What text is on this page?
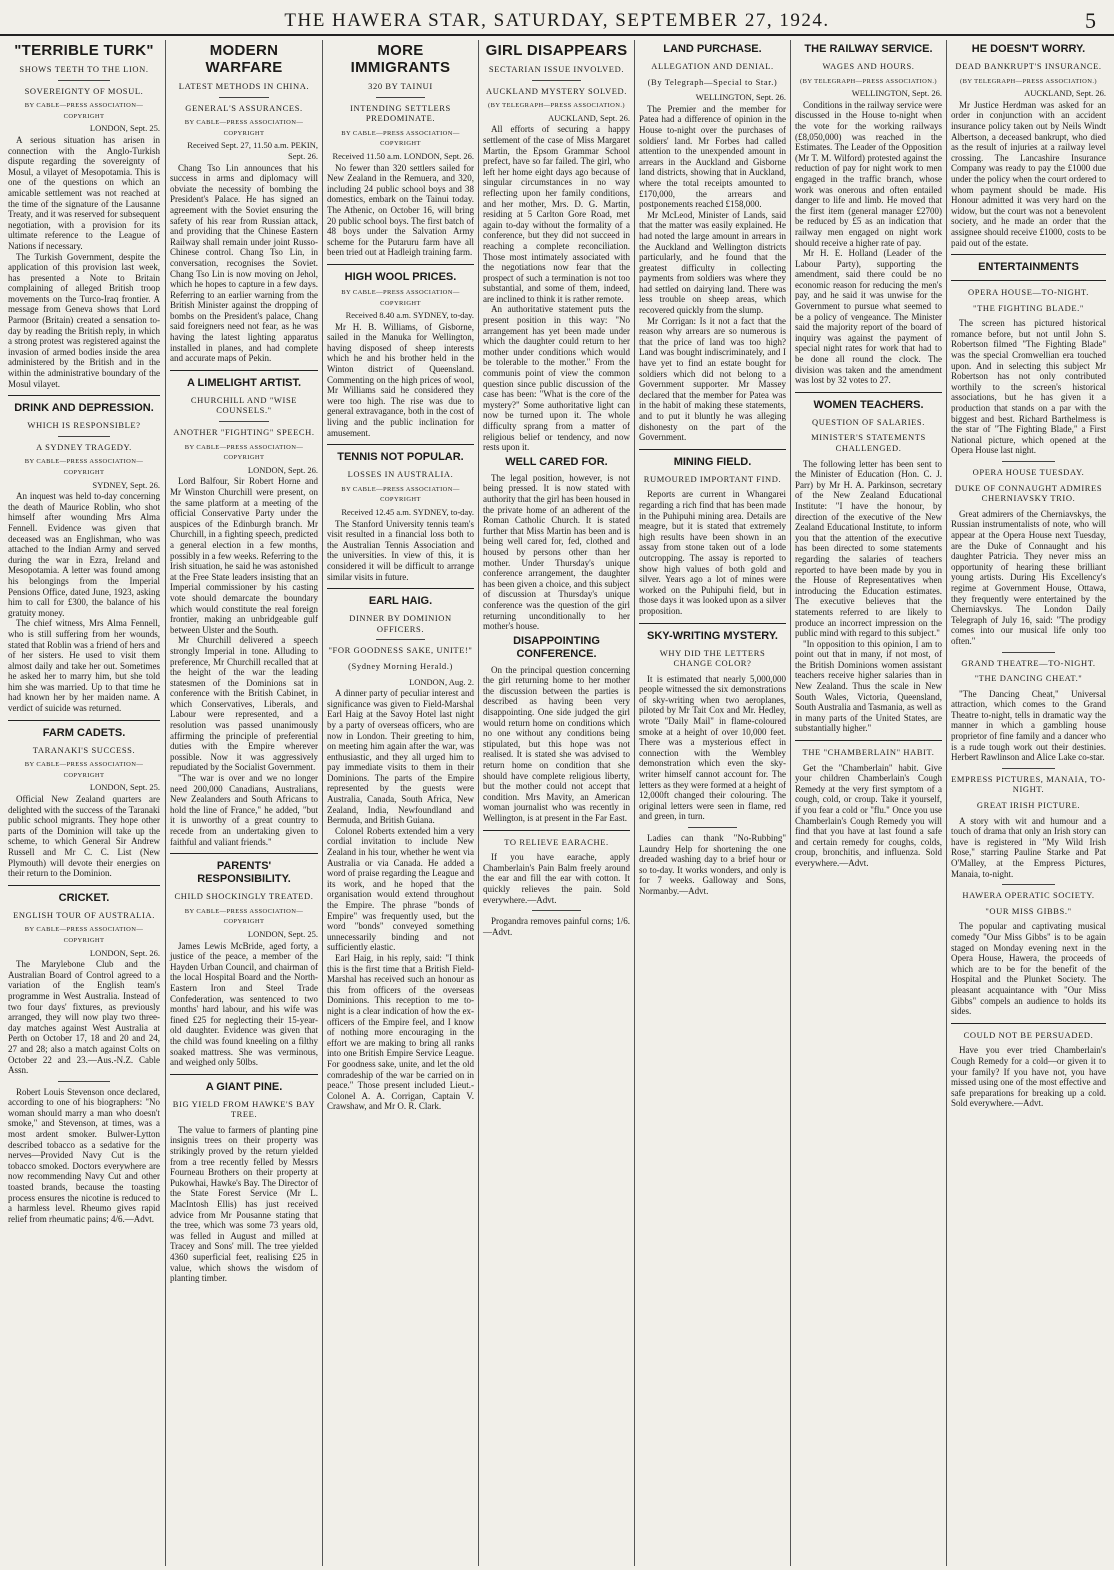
THE HAWERA STAR, SATURDAY, SEPTEMBER 27, 1924.	5
"TERRIBLE TURK"
SHOWS TEETH TO THE LION.
SOVEREIGNTY OF MOSUL.
BY CABLE—PRESS ASSOCIATION—COPYRIGHT
LONDON, Sept. 25.

A serious situation has arisen in connection with the Anglo-Turkish dispute regarding the sovereignty of Mosul, a vilayet of Mesopotamia. This is one of the questions on which an amicable settlement was not reached at the time of the signature of the Lausanne Treaty, and it was reserved for subsequent negotiation, with a provision for its ultimate reference to the League of Nations if necessary.

The Turkish Government, despite the application of this provision last week, has presented a Note to Britain complaining of alleged British troop movements on the Turco-Iraq frontier. A message from Geneva shows that Lord Parmoor (Britain) created a sensation to-day by reading the British reply, in which a strong protest was registered against the invasion of armed bodies inside the area administered by the British and in the within the administrative boundary of the Mosul vilayet.

DRINK AND DEPRESSION.
WHICH IS RESPONSIBLE?
A SYDNEY TRAGEDY.
BY CABLE—PRESS ASSOCIATION—COPYRIGHT
SYDNEY, Sept. 26.

An inquest was held to-day concerning the death of Maurice Roblin, who shot himself after wounding Mrs Alma Fennell. Evidence was given that deceased was an Englishman, who was attached to the Indian Army and served during the war in Ezra, Ireland and Mesopotamia. A letter was found among his belongings from the Imperial Pensions Office, dated June, 1923, asking him to call for £300, the balance of his gratuity money.

The chief witness, Mrs Alma Fennell, who is still suffering from her wounds, stated that Roblin was a friend of hers and of her sisters. He used to visit them almost daily and take her out. Sometimes he asked her to marry him, but she told him she was married. Up to that time he had known her by her maiden name. A verdict of suicide was returned.

FARM CADETS.
TARANAKI'S SUCCESS.
BY CABLE—PRESS ASSOCIATION—COPYRIGHT
LONDON, Sept. 25.

Official New Zealand quarters are delighted with the success of the Taranaki public school migrants. They hope other parts of the Dominion will take up the scheme, to which General Sir Andrew Russell and Mr C. C. List (New Plymouth) will devote their energies on their return to the Dominion.

CRICKET.
ENGLISH TOUR OF AUSTRALIA.
BY CABLE—PRESS ASSOCIATION—COPYRIGHT
LONDON, Sept. 26.

The Marylebone Club and the Australian Board of Control agreed to a variation of the English team's programme in West Australia. Instead of two four days' fixtures, as previously arranged, they will now play two three-day matches against West Australia at Perth on October 17, 18 and 20 and 24, 27 and 28; also a match against Colts on October 22 and 23.—Aus.-N.Z. Cable Assn.

Robert Louis Stevenson once declared, according to one of his biographers: "No woman should marry a man who doesn't smoke," and Stevenson, at times, was a most ardent smoker. Bulwer-Lytton described tobacco as a sedative for the nerves—Provided Navy Cut is the tobacco smoked. Doctors everywhere are now recommending Navy Cut and other toasted brands, because the toasting process ensures the nicotine is reduced to a harmless level. Rheumo gives rapid relief from rheumatic pains; 4/6.—Advt.

MODERN WARFARE
LATEST METHODS IN CHINA.
GENERAL'S ASSURANCES.
BY CABLE—PRESS ASSOCIATION—COPYRIGHT
Received Sept. 27, 11.50 a.m. PEKIN, Sept. 26.

Chang Tso Lin announces that his success in arms and diplomacy will obviate the necessity of bombing the President's Palace. He has signed an agreement with the Soviet ensuring the safety of his rear from Russian attack, and providing that the Chinese Eastern Railway shall remain under joint Russo-Chinese control. Chang Tso Lin, in conversation, recognises the Soviet. Chang Tso Lin is now moving on Jehol, which he hopes to capture in a few days. Referring to an earlier warning from the British Minister against the dropping of bombs on the President's palace, Chang said foreigners need not fear, as he was having the latest lighting apparatus installed in planes, and had complete and accurate maps of Pekin.

A LIMELIGHT ARTIST.
CHURCHILL AND "WISE COUNSELS."
ANOTHER "FIGHTING" SPEECH.
BY CABLE—PRESS ASSOCIATION—COPYRIGHT
LONDON, Sept. 26.

Lord Balfour, Sir Robert Horne and Mr Winston Churchill were present, on the same platform at a meeting of the official Conservative Party under the auspices of the Edinburgh branch. Mr Churchill, in a fighting speech, predicted a general election in a few months, possibly in a few weeks. Referring to the Irish situation, he said he was astonished at the Free State leaders insisting that an Imperial commissioner by his casting vote should demarcate the boundary which would constitute the real foreign frontier, making an unbridgeable gulf between Ulster and the South.

Mr Churchill delivered a speech strongly Imperial in tone. Alluding to preference, Mr Churchill recalled that at the height of the war the leading statesmen of the Dominions sat in conference with the British Cabinet, in which Conservatives, Liberals, and Labour were represented, and a resolution was passed unanimously affirming the principle of preferential duties with the Empire wherever possible. Now it was aggressively repudiated by the Socialist Government.

"The war is over and we no longer need 200,000 Canadians, Australians, New Zealanders and South Africans to hold the line of France," he added, "but it is unworthy of a great country to recede from an undertaking given to faithful and valiant friends."

PARENTS' RESPONSIBILITY.
CHILD SHOCKINGLY TREATED.
BY CABLE—PRESS ASSOCIATION—COPYRIGHT
LONDON, Sept. 25.

James Lewis McBride, aged forty, a justice of the peace, a member of the Hayden Urban Council, and chairman of the local Hospital Board and the North-Eastern Iron and Steel Trade Confederation, was sentenced to two months' hard labour, and his wife was fined £25 for neglecting their 15-year-old daughter. Evidence was given that the child was found kneeling on a filthy soaked mattress. She was verminous, and weighed only 50lbs.

A GIANT PINE.
BIG YIELD FROM HAWKE'S BAY TREE.

The value to farmers of planting pine insignis trees on their property was strikingly proved by the return yielded from a tree recently felled by Messrs Fourneau Brothers on their property at Pukowhai, Hawke's Bay. The Director of the State Forest Service (Mr L. MacIntosh Ellis) has just received advice from Mr Pousanne stating that the tree, which was some 73 years old, was felled in August and milled at Tracey and Sons' mill. The tree yielded 4360 superficial feet, realising £25 in value, which shows the wisdom of planting timber.

MORE IMMIGRANTS
320 BY TAINUI
INTENDING SETTLERS PREDOMINATE.
BY CABLE—PRESS ASSOCIATION—COPYRIGHT
Received 11.50 a.m. LONDON, Sept. 26.

No fewer than 320 settlers sailed for New Zealand in the Remuera, and 320, including 24 public school boys and 38 domestics, embark on the Tainui today. The Athenic, on October 16, will bring 20 public school boys. The first batch of 48 boys under the Salvation Army scheme for the Putaruru farm have all been tried out at Hadleigh training farm.

HIGH WOOL PRICES.
BY CABLE—PRESS ASSOCIATION—COPYRIGHT
Received 8.40 a.m. SYDNEY, to-day.

Mr H. B. Williams, of Gisborne, sailed in the Manuka for Wellington, having disposed of sheep interests which he and his brother held in the Winton district of Queensland. Commenting on the high prices of wool, Mr Williams said he considered they were too high. The rise was due to general extravagance, both in the cost of living and the public inclination for amusement.

TENNIS NOT POPULAR.
LOSSES IN AUSTRALIA.
BY CABLE—PRESS ASSOCIATION—COPYRIGHT
Received 12.45 a.m. SYDNEY, to-day.

The Stanford University tennis team's visit resulted in a financial loss both to the Australian Tennis Association and the universities. In view of this, it is considered it will be difficult to arrange similar visits in future.

EARL HAIG.
DINNER BY DOMINION OFFICERS.
"FOR GOODNESS SAKE, UNITE!"
(Sydney Morning Herald.)
LONDON, Aug. 2.

A dinner party of peculiar interest and significance was given to Field-Marshal Earl Haig at the Savoy Hotel last night by a party of overseas officers, who are now in London. Their greeting to him, on meeting him again after the war, was enthusiastic, and they all urged him to pay immediate visits to them in their Dominions. The parts of the Empire represented by the guests were Australia, Canada, South Africa, New Zealand, India, Newfoundland and Bermuda, and British Guiana.

Colonel Roberts extended him a very cordial invitation to include New Zealand in his tour, whether he went via Australia or via Canada. He added a word of praise regarding the League and its work, and he hoped that the organisation would extend throughout the Empire. The phrase "bonds of Empire" was frequently used, but the word "bonds" conveyed something unnecessarily binding and not sufficiently elastic.

Earl Haig, in his reply, said: "I think this is the first time that a British Field-Marshal has received such an honour as this from officers of the overseas Dominions. This reception to me to-night is a clear indication of how the ex-officers of the Empire feel, and I know of nothing more encouraging in the effort we are making to bring all ranks into one British Empire Service League. For goodness sake, unite, and let the old comradeship of the war be carried on in peace." Those present included Lieut.-Colonel A. A. Corrigan, Captain V. Crawshaw, and Mr O. R. Clark.

GIRL DISAPPEARS
SECTARIAN ISSUE INVOLVED.
AUCKLAND MYSTERY SOLVED.
(BY TELEGRAPH—PRESS ASSOCIATION.)
AUCKLAND, Sept. 26.

All efforts of securing a happy settlement of the case of Miss Margaret Martin, the Epsom Grammar School prefect, have so far failed. The girl, who left her home eight days ago because of singular circumstances in no way reflecting upon her family conditions, and her mother, Mrs. D. G. Martin, residing at 5 Carlton Gore Road, met again to-day without the formality of a conference, but they did not succeed in reaching a complete reconciliation. Those most intimately associated with the negotiations now fear that the prospect of such a termination is not too substantial, and some of them, indeed, are inclined to think it is rather remote.

An authoritative statement puts the present position in this way: "No arrangement has yet been made under which the daughter could return to her mother under conditions which would be tolerable to the mother." From the communis point of view the common question since public discussion of the case has been: "What is the core of the mystery?" Some authoritative light can now be turned upon it. The whole difficulty sprang from a matter of religious belief or tendency, and now rests upon it.

WELL CARED FOR.

The legal position, however, is not being pressed. It is now stated with authority that the girl has been housed in the private home of an adherent of the Roman Catholic Church. It is stated further that Miss Martin has been and is being well cared for, fed, clothed and housed by persons other than her mother. Under Thursday's unique conference arrangement, the daughter has been given a choice, and this subject of discussion at Thursday's unique conference was the question of the girl returning unconditionally to her mother's house.

DISAPPOINTING CONFERENCE.

On the principal question concerning the girl returning home to her mother the discussion between the parties is described as having been very disappointing. One side judged the girl would return home on conditions which no one without any conditions being stipulated, but this hope was not realised. It is stated she was advised to return home on condition that she should have complete religious liberty, but the mother could not accept that condition. Mrs Mavity, an American woman journalist who was recently in Wellington, is at present in the Far East.

TO RELIEVE EARACHE.

If you have earache, apply Chamberlain's Pain Balm freely around the ear and fill the ear with cotton. It quickly relieves the pain. Sold everywhere.—Advt.

Progandra removes painful corns; 1/6.—Advt.

LAND PURCHASE.
ALLEGATION AND DENIAL.
(By Telegraph—Special to Star.)
WELLINGTON, Sept. 26.

The Premier and the member for Patea had a difference of opinion in the House to-night over the purchases of soldiers' land. Mr Forbes had called attention to the unexpended amount in arrears in the Auckland and Gisborne land districts, showing that in Auckland, where the total receipts amounted to £170,000, the arrears and postponements reached £158,000.

Mr McLeod, Minister of Lands, said that the matter was easily explained. He had noted the large amount in arrears in the Auckland and Wellington districts particularly, and he found that the greatest difficulty in collecting payments from soldiers was where they had settled on dairying land. There was less trouble on sheep areas, which recovered quickly from the slump.

Mr Corrigan: Is it not a fact that the reason why arrears are so numerous is that the price of land was too high? Land was bought indiscriminately, and I have yet to find an estate bought for soldiers which did not belong to a Government supporter. Mr Massey declared that the member for Patea was in the habit of making these statements, and to put it bluntly he was alleging dishonesty on the part of the Government.

MINING FIELD.
RUMOURED IMPORTANT FIND.

Reports are current in Whangarei regarding a rich find that has been made in the Puhipuhi mining area. Details are meagre, but it is stated that extremely high results have been shown in an assay from stone taken out of a lode outcropping. The assay is reported to show high values of both gold and silver. Years ago a lot of mines were worked on the Puhipuhi field, but in those days it was looked upon as a silver proposition.

SKY-WRITING MYSTERY.
WHY DID THE LETTERS CHANGE COLOR?

It is estimated that nearly 5,000,000 people witnessed the six demonstrations of sky-writing when two aeroplanes, piloted by Mr Tait Cox and Mr. Hedley, wrote "Daily Mail" in flame-coloured smoke at a height of over 10,000 feet. There was a mysterious effect in connection with the Wembley demonstration which even the sky-writer himself cannot account for. The letters as they were formed at a height of 12,000ft changed their colouring. The original letters were seen in flame, red and green, in turn.

Ladies can thank "No-Rubbing" Laundry Help for shortening the one dreaded washing day to a brief hour or so to-day. It works wonders, and only is for 7 weeks. Galloway and Sons, Normanby.—Advt.

THE RAILWAY SERVICE.
WAGES AND HOURS.
(BY TELEGRAPH—PRESS ASSOCIATION.)
WELLINGTON, Sept. 26.

Conditions in the railway service were discussed in the House to-night when the vote for the working railways (£8,050,000) was reached in the Estimates. The Leader of the Opposition (Mr T. M. Wilford) protested against the reduction of pay for night work to men engaged in the traffic branch, whose work was onerous and often entailed danger to life and limb. He moved that the first item (general manager £2700) be reduced by £5 as an indication that railway men engaged on night work should receive a higher rate of pay.

Mr H. E. Holland (Leader of the Labour Party), supporting the amendment, said there could be no economic reason for reducing the men's pay, and he said it was unwise for the Government to pursue what seemed to be a policy of vengeance. The Minister said the majority report of the board of inquiry was against the payment of special night rates for work that had to be done all round the clock. The division was taken and the amendment was lost by 32 votes to 27.

WOMEN TEACHERS.
QUESTION OF SALARIES.
MINISTER'S STATEMENTS CHALLENGED.

The following letter has been sent to the Minister of Education (Hon. C. J. Parr) by Mr H. A. Parkinson, secretary of the New Zealand Educational Institute: "I have the honour, by direction of the executive of the New Zealand Educational Institute, to inform you that the attention of the executive has been directed to some statements regarding the salaries of teachers reported to have been made by you in the House of Representatives when introducing the Education estimates. The executive believes that the statements referred to are likely to produce an incorrect impression on the public mind with regard to this subject."

"In opposition to this opinion, I am to point out that in many, if not most, of the British Dominions women assistant teachers receive higher salaries than in New Zealand. Thus the scale in New South Wales, Victoria, Queensland, South Australia and Tasmania, as well as in many parts of the United States, are substantially higher."

THE "CHAMBERLAIN" HABIT.

Get the "Chamberlain" habit. Give your children Chamberlain's Cough Remedy at the very first symptom of a cough, cold, or croup. Take it yourself, if you fear a cold or "flu." Once you use Chamberlain's Cough Remedy you will find that you have at last found a safe and certain remedy for coughs, colds, croup, bronchitis, and influenza. Sold everywhere.—Advt.

HE DOESN'T WORRY.
DEAD BANKRUPT'S INSURANCE.
(BY TELEGRAPH—PRESS ASSOCIATION.)
AUCKLAND, Sept. 26.

Mr Justice Herdman was asked for an order in conjunction with an accident insurance policy taken out by Neils Windt Albertson, a deceased bankrupt, who died as the result of injuries at a railway level crossing. The Lancashire Insurance Company was ready to pay the £1000 due under the policy when the court ordered to whom payment should be made. His Honour admitted it was very hard on the widow, but the court was not a benevolent society, and he made an order that the assignee should receive £1000, costs to be paid out of the estate.

ENTERTAINMENTS
OPERA HOUSE—TO-NIGHT.
"THE FIGHTING BLADE."

The screen has pictured historical romance before, but not until John S. Robertson filmed "The Fighting Blade" was the special Cromwellian era touched upon. And in selecting this subject Mr Robertson has not only contributed worthily to the screen's historical associations, but he has given it a production that stands on a par with the biggest and best. Richard Barthelmess is the star of "The Fighting Blade," a First National picture, which opened at the Opera House last night.

OPERA HOUSE TUESDAY.
DUKE OF CONNAUGHT ADMIRES CHERNIAVSKY TRIO.

Great admirers of the Cherniavskys, the Russian instrumentalists of note, who will appear at the Opera House next Tuesday, are the Duke of Connaught and his daughter Patricia. They never miss an opportunity of hearing these brilliant young artists. During His Excellency's regime at Government House, Ottawa, they frequently were entertained by the Cherniavskys. The London Daily Telegraph of July 16, said: "The prodigy comes into our musical life only too often."

GRAND THEATRE—TO-NIGHT.
"THE DANCING CHEAT."

"The Dancing Cheat," Universal attraction, which comes to the Grand Theatre to-night, tells in dramatic way the manner in which a gambling house proprietor of fine family and a dancer who is a rude tough work out their destinies. Herbert Rawlinson and Alice Lake co-star.

EMPRESS PICTURES, MANAIA, TO-NIGHT.
GREAT IRISH PICTURE.

A story with wit and humour and a touch of drama that only an Irish story can have is registered in "My Wild Irish Rose," starring Pauline Starke and Pat O'Malley, at the Empress Pictures, Manaia, to-night.

HAWERA OPERATIC SOCIETY.
"OUR MISS GIBBS."

The popular and captivating musical comedy "Our Miss Gibbs" is to be again staged on Monday evening next in the Opera House, Hawera, the proceeds of which are to be for the benefit of the Hospital and the Plunket Society. The pleasant acquaintance with "Our Miss Gibbs" compels an audience to holds its sides.

COULD NOT BE PERSUADED.

Have you ever tried Chamberlain's Cough Remedy for a cold—or given it to your family? If you have not, you have missed using one of the most effective and safe preparations for breaking up a cold. Sold everywhere.—Advt.
